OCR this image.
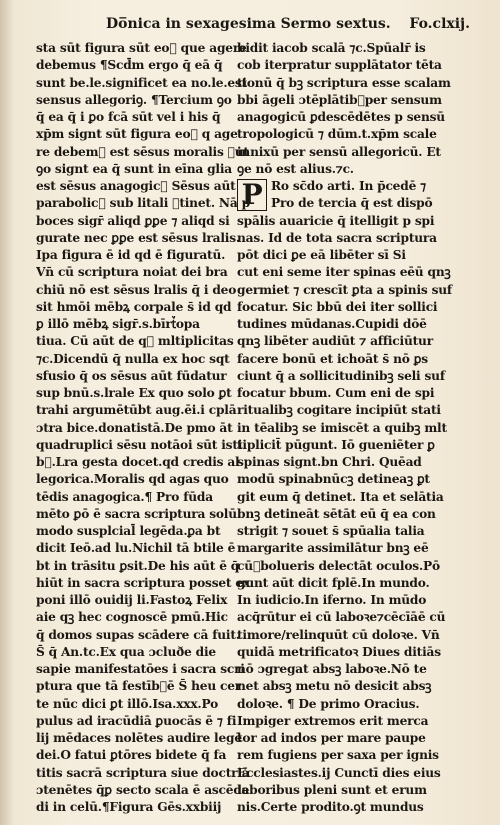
Do̅nica in sexagesima Sermo sextus. Fo.clxij.
sta sūt figura sūt eo᷑ que agere
debemus ¶Scd̄m ergo q̄ eā q̄
sunt be.le.significet ea no.le.est
sensus allegoriꝯ. ¶Tercium ꝯo
q̄ ea q̄ i ꝑo fcā sūt vel i his q̄
xp̄m signt sūt figura eo᷑ q age
re debem᷒ est sēsus moralis ꝑut
ꝯo signt ea q̄ sunt in eīna glia
est sēsus anagogic᷒ Sēsus aūt
parabolic᷒ sub litali ꝯtinet. Nā p
boces sigr̄ aliqd ꝑꝑe ⁊ aliqd si
gurate nec ꝑꝑe est sēsus lralis.
Ipa figura ē id qd ē figuratū.
Vn̄ cū scriptura noiat dei bra
chiū nō est sēsus lralis q̄ i deo
sit hmōi mēbꝝ corpale s̄ id qd
ꝑ illō mēbꝝ sigr̄.s.bīrt᷒opa
tiua. Cū aūt de q᷒ mltiplicitas
⁊c.Dicendū q̄ nulla ex hoc sqt
sfusio q̄ os sēsus aūt fūdatur
sup bnū.s.lrale Ex quo solo ꝑt
trahi argumētūbt aug.ēi.i cplā
ɔtra bice.donatistā.De pmo āt
quadruplici sēsu notāoi sūt isti
b᷒.Lra gesta docet.qd credis al
legorica.Moralis qd agas quo
tēdis anagogica.¶ Pro fūda
mēto ꝑō ē sacra scriptura solū
modo susplcial̄ legēda.ꝑa bt
dicit Ieō.ad lu.Nichil tā btile ē
bt in trāsitu ꝑsit.De his aūt ē q̄
hiūt in sacra scriptura posset ex
poni illō ouidij li.Fastoꝝ Felix
aie qꝫ hec cognoscē pmū.Hic
q̄ domos supas scādere cā fuit.
S̄ q̄ An.tc.Ex qua ɔcluðe die
sapie manifestatōes i sacra scri
ptura que tā festīb᷒ē S̄ heu cer
te nūc dici ꝑt illō.Isa.xxx.Po
pulus ad iracūdiā ꝑuocās ē ⁊ fi
lij mēdaces nolētes audire legē
dei.O fatui ꝑtōres bidete q̄ fa
titis sacrā scriptura siue doctriā
ɔtenētes q̄ꝑ secto scala ē ascēde
di in celū.¶Figura Gēs.xxbiij
bidit iacob scalā ⁊c.Spūalr̄ is
cob iterpratur supplātator tēta
tionū q̄ bꝫ scriptura esse scalam
bbi āgeli ɔtēplātib᷒per sensum
anagogicū ꝑdescēdētes p sensū
tropologicū ⁊ dūm.t.xp̄m scale
innixū per sensū allegoricū. Et
ꝯe nō est alius.⁊c.
Ro sc̄do arti. In p̄cedē ⁊
Pro de tercia q̄ est dispō
spālis auaricie q̄ itelligit p spi
nas. Id de tota sacra scriptura
pōt dici ꝑe eā libēter sī Si
cut eni seme iter spinas eēū qnꝫ
germiet ⁊ crescīt ꝑta a spinis suf
focatur. Sic bbū dei iter sollici
tudines mūdanas.Cupidi dōē
qnꝫ libēter audiūt ⁊ afficiūtur
facere bonū et ichoāt s̄ nō ꝑs
ciunt q̄ a sollicitudinibꝫ seli suf
focatur bbum. Cum eni de spi
ritualibꝫ cogitare incipiūt stati
in tēalibꝫ se imiscēt a quibꝫ mlt
tiplicit̄ pūgunt. Iō gueniēter ꝑ
spinas signt.bn Chri. Quēad
modū spinabnūcꝫ detineaꝫ ꝑt
git eum q̄ detinet. Ita et selātia
bnꝫ detineāt sētāt eū q̄ ea con
strigit ⁊ souet s̄ spūalia talia
margarite assimilātur bnꝫ eē
cū᷒bolueris delectāt oculos.Pō
gunt aūt dicit fplē.In mundo.
In iudicio.In iferno. In mūdo
acq̄rūtur ei cū laboꝛe⁊cēcīāē cū
timore/relinquūt cū doloꝛe. Vn̄
quidā metrificatoꝛ Diues ditiās
nō ɔgregat absꝫ laboꝛe.Nō te
net absꝫ metu nō desicit absꝫ
doloꝛe. ¶ De primo Oracius.
Impiger extremos erit merca
tor ad indos per mare paupe
rem fugiens per saxa per ignis
Ecclesiastes.ij Cunctī dies eius
laboribus pleni sunt et erum
nis.Certe prodito.ꝯt mundus
P
